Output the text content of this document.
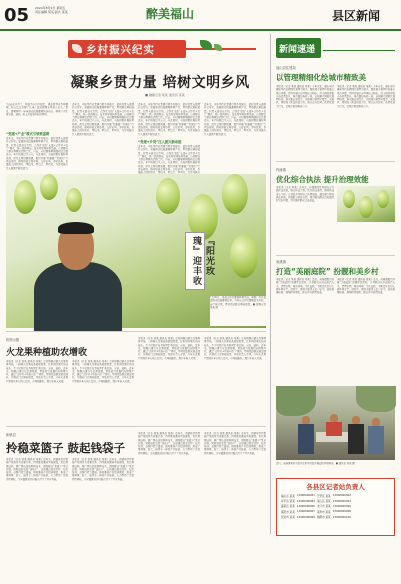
05 2024年8月9日 星期五
责任编辑 某某 版式 某某	醉美福山	县区新闻
乡村振兴纪实
凝聚乡贯力量 培树文明乡风
■ 融媒记者 某某 通讯员 某某
“以前在外打工，挣钱不多也不稳定，现在回到家乡种葡萄，收入比过去翻了几番，还能照顾家里老人孩子。”夏日，葡萄园里一串串阳光玫瑰葡萄挂满枝头，种植户正忙着采摘、装箱，脸上洋溢着丰收的喜悦。
“党建+产业”模式引领致富路
近年来，当地坚持以党建引领乡村振兴，依托村党支部领办合作社，发展阳光玫瑰葡萄种植产业，带动群众增收致富。村党支部书记介绍，合作社采取“支部+合作社+农户”模式，统一提供种苗、技术指导和销售渠道，有效解决了群众种植的后顾之忧。目前，全村葡萄种植面积已达数百亩，年产值超过千万元。与此同时，当地积极开展移风易俗，深化文明村镇创建，组织开展“好婆婆”“好媳妇”等评选活动，推动形成文明乡风、良好家风、淳朴民风。乡贤能人回乡创业，带技术、带资金、带项目，为乡村振兴注入源源不断的活力。
近年来，当地坚持以党建引领乡村振兴，依托村党支部领办合作社，发展阳光玫瑰葡萄种植产业，带动群众增收致富。村党支部书记介绍，合作社采取“支部+合作社+农户”模式，统一提供种苗、技术指导和销售渠道，有效解决了群众种植的后顾之忧。目前，全村葡萄种植面积已达数百亩，年产值超过千万元。与此同时，当地积极开展移风易俗，深化文明村镇创建，组织开展“好婆婆”“好媳妇”等评选活动，推动形成文明乡风、良好家风、淳朴民风。乡贤能人回乡创业，带技术、带资金、带项目，为乡村振兴注入源源不断的活力。
近年来，当地坚持以党建引领乡村振兴，依托村党支部领办合作社，发展阳光玫瑰葡萄种植产业，带动群众增收致富。村党支部书记介绍，合作社采取“支部+合作社+农户”模式，统一提供种苗、技术指导和销售渠道，有效解决了群众种植的后顾之忧。目前，全村葡萄种植面积已达数百亩，年产值超过千万元。与此同时，当地积极开展移风易俗，深化文明村镇创建，组织开展“好婆婆”“好媳妇”等评选活动，推动形成文明乡风、良好家风、淳朴民风。乡贤能人回乡创业，带技术、带资金、带项目，为乡村振兴注入源源不断的活力。
“党建+乡贤”注入振兴新动能
近年来，当地坚持以党建引领乡村振兴，依托村党支部领办合作社，发展阳光玫瑰葡萄种植产业，带动群众增收致富。村党支部书记介绍，合作社采取“支部+合作社+农户”模式，统一提供种苗、技术指导和销售渠道，有效解决了群众种植的后顾之忧。目前，全村葡萄种植面积已达数百亩，年产值超过千万元。与此同时，当地积极开展移风易俗，深化文明村镇创建，组织开展“好婆婆”“好媳妇”等评选活动，推动形成文明乡风、良好家风、淳朴民风。乡贤能人回乡创业，带技术、带资金、带项目，为乡村振兴
近年来，当地坚持以党建引领乡村振兴，依托村党支部领办合作社，发展阳光玫瑰葡萄种植产业，带动群众增收致富。村党支部书记介绍，合作社采取“支部+合作社+农户”模式，统一提供种苗、技术指导和销售渠道，有效解决了群众种植的后顾之忧。目前，全村葡萄种植面积已达数百亩，年产值超过千万元。与此同时，当地积极开展移风易俗，深化文明村镇创建，组织开展“好婆婆”“好媳妇”等评选活动，推动形成文明乡风、良好家风、淳朴民风。乡贤能人回乡创业，带技术、带资金、带项目，为乡村振兴注入源源不断的活力。
『阳光玫瑰』迎丰收
7月30日，某某合作社葡萄种植基地，种植户正在查看阳光玫瑰葡萄长势。今年该合作社葡萄迎来丰收，亩产值可观，带动周边群众增收致富。■ 融媒记者 某某 摄
新闻速递
福山县住建局
以管理精细化绘城市精致美
本报讯（记者 某某 通讯员 某某）今年以来，福山县住建局坚持以精细化管理为抓手，聚焦城市管理中的难点堵点问题，持续开展市容环境综合整治，深入推进背街小巷改造提升，城市面貌焕然一新。该局建立网格化管理机制，落实路长制责任，实现城市管理全覆盖、无盾区。同时加大执法检查力度，规范店外经营、乱停乱放等行为，让城市更加整洁有序。
本报讯（记者 某某 通讯员 某某）今年以来，福山县住建局坚持以精细化管理为抓手，聚焦城市管理中的难点堵点问题，持续开展市容环境综合整治，深入推进背街小巷改造提升，城市面貌焕然一新。该局建立网格化管理机制，落实路长制责任，实现城市管理全覆盖、无盾区。同时加大执法检查力度，规范店外经营、乱停乱放等行为，让城市更加整洁有序。
梓潼镇
优化综合执法 提升治理效能
本报讯（记者 某某）近年来，梓潼镇深化基层综合行政执法改革，整合执法力量，优化执法流程，推动执法重心下移，有效提升基层社会治理效能。通过建立联动执法机制，开展联合执法行动，集中整治群众反映强烈的突出问题，切实维护群众合法权益。
南溪镇
打造“美丽庭院” 扮靓和美乡村
本报讯（记者 某某 通讯员 某某）近日，南溪镇组织开展“美丽庭院”创建评比活动，引导群众从房前屋后入手，清理杂物、整治环境、美化庭院，不断提升农村人居环境水平。活动中，镇村干部深入农户家中，宣传创建标准，现场指导帮助，群众参与热情高涨。
本报讯（记者 某某 通讯员 某某）近日，南溪镇组织开展“美丽庭院”创建评比活动，引导群众从房前屋后入手，清理杂物、整治环境、美化庭院，不断提升农村人居环境水平。活动中，镇村干部深入农户家中，宣传创建标准，现场指导帮助，群众参与热情高涨。
近日，南溪镇某村干部正在指导村民开展庭院环境整治。■ 通讯员 某某 摄
各县区记者站负责人
福山区 某某	13900000001	芝罘区 某某	13900000002
牟平区 某某	13900000003	莱山区 某某	13900000004
蓬莱区 某某	13900000005	龙口市 某某	13900000006
莱阳市 某某	13900000007	莱州市 某某	13900000008
招远市 某某	13900000009	栖霞市 某某	13900000010
梧桐山镇
火龙果种植助农增收
本报讯（记者 某某 通讯员 某某）走进梧桐山镇火龙果种植基地，一排排火龙果枝条郁郁葱葱，红彤彤的果实挂满枝头，不少村民正在基地里忙着采摘、分拣、装箱。近年来，梧桐山镇立足资源禀赋，因地制宜发展特色种植产业，通过“合作社+基地+农户”模式，带动周边群众就近就业，实现家门口增收致富。基地负责人介绍，今年火龙果产量较往年有较大提升，市场销路好，预计年收入可观。
本报讯（记者 某某 通讯员 某某）走进梧桐山镇火龙果种植基地，一排排火龙果枝条郁郁葱葱，红彤彤的果实挂满枝头，不少村民正在基地里忙着采摘、分拣、装箱。近年来，梧桐山镇立足资源禀赋，因地制宜发展特色种植产业，通过“合作社+基地+农户”模式，带动周边群众就近就业，实现家门口增收致富。基地负责人介绍，今年火龙果产量较往年有较大提升，市场销路好，预计年收入可观。
本报讯（记者 某某 通讯员 某某）走进梧桐山镇火龙果种植基地，一排排火龙果枝条郁郁葱葱，红彤彤的果实挂满枝头，不少村民正在基地里忙着采摘、分拣、装箱。近年来，梧桐山镇立足资源禀赋，因地制宜发展特色种植产业，通过“合作社+基地+农户”模式，带动周边群众就近就业，实现家门口增收致富。基地负责人介绍，今年火龙果产量较往年有较大提升，市场销路好，预计年收入可观。
本报讯（记者 某某 通讯员 某某）走进梧桐山镇火龙果种植基地，一排排火龙果枝条郁郁葱葱，红彤彤的果实挂满枝头，不少村民正在基地里忙着采摘、分拣、装箱。近年来，梧桐山镇立足资源禀赋，因地制宜发展特色种植产业，通过“合作社+基地+农户”模式，带动周边群众就近就业，实现家门口增收致富。基地负责人介绍，今年火龙果产量较往年有较大提升，市场销路好，预计年收入可观。
新镇县
拎稳菜篮子 鼓起钱袋子
本报讯（记者 某某 通讯员 某某）近年来，新镇县坚持把稳产保供作为重要任务，持续推进蔬菜基地建设，优化种植结构，推广绿色高效种植技术，保障群众“菜篮子”量足价稳，同时鼓起农民“钱袋子”。该县通过政策扶持、技术培训、品牌打造等措施，推动蔬菜产业提质增效，形成了集种植、加工、销售于一体的产业链条，有力带动了农民持续增收，为全面推进乡村振兴打下了坚实基础。
本报讯（记者 某某 通讯员 某某）近年来，新镇县坚持把稳产保供作为重要任务，持续推进蔬菜基地建设，优化种植结构，推广绿色高效种植技术，保障群众“菜篮子”量足价稳，同时鼓起农民“钱袋子”。该县通过政策扶持、技术培训、品牌打造等措施，推动蔬菜产业提质增效，形成了集种植、加工、销售于一体的产业链条，有力带动了农民持续增收，为全面推进乡村振兴打下了坚实基础。
本报讯（记者 某某 通讯员 某某）近年来，新镇县坚持把稳产保供作为重要任务，持续推进蔬菜基地建设，优化种植结构，推广绿色高效种植技术，保障群众“菜篮子”量足价稳，同时鼓起农民“钱袋子”。该县通过政策扶持、技术培训、品牌打造等措施，推动蔬菜产业提质增效，形成了集种植、加工、销售于一体的产业链条，有力带动了农民持续增收，为全面推进乡村振兴打下了坚实基础。
本报讯（记者 某某 通讯员 某某）近年来，新镇县坚持把稳产保供作为重要任务，持续推进蔬菜基地建设，优化种植结构，推广绿色高效种植技术，保障群众“菜篮子”量足价稳，同时鼓起农民“钱袋子”。该县通过政策扶持、技术培训、品牌打造等措施，推动蔬菜产业提质增效，形成了集种植、加工、销售于一体的产业链条，有力带动了农民持续增收，为全面推进乡村振兴打下了坚实基础。
